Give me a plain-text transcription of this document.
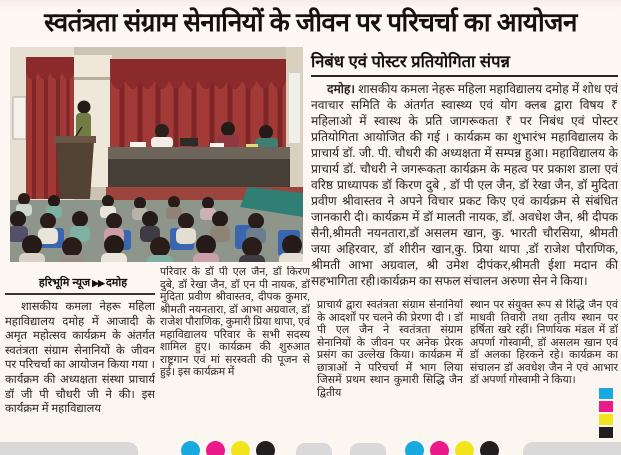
स्वतंत्रता संग्राम सेनानियों के जीवन पर परिचर्चा का आयोजन
हरिभूमि न्यूज ▶▶ दमोह
निबंध एवं पोस्टर प्रतियोगिता संपन्न
दमोह। शासकीय कमला नेहरू महिला महाविद्यालय दमोह में शोध एवं नवाचार समिति के अंतर्गत स्वास्थ्य एवं योग क्लब द्वारा विषय ₹ महिलाओ में स्वास्थ के प्रति जागरूकता ₹ पर निबंध एवं पोस्टर प्रतियोगिता आयोजित की गई । कार्यक्रम का शुभारंभ महाविद्यालय के प्राचार्य डॉ. जी. पी. चौधरी की अध्यक्षता में सम्पन्न हुआ। महाविद्यालय के प्राचार्य डॉ. चौधरी ने जगरूकता कार्यक्रम के महत्व पर प्रकाश डाला एवं वरिष्ठ प्राध्यापक डॉ किरण दुबे , डॉ पी एल जैन, डॉ रेखा जैन, डॉ मुदिता प्रवीण श्रीवास्तव ने अपने विचार प्रकट किए एवं कार्यक्रम से संबंधित जानकारी दी। कार्यक्रम में डॉ मालती नायक, डॉ. अवधेश जैन, श्री दीपक सैनी,श्रीमती नयनतारा,डॉ असलम खान, कु. भारती चौरसिया, श्रीमती जया अहिरवार, डॉ शीरीन खान,कु. प्रिया थापा ,डॉ राजेश पौराणिक, श्रीमती आभा अग्रवाल, श्री उमेश दीपंकर,श्रीमती ईशा मदान की सहभागिता रही।कार्यक्रम का सफल संचालन अरुणा सेन ने किया।

शासकीय कमला नेहरू महिला महाविद्यालय दमोह में आजादी के अमृत महोत्सव कार्यक्रम के अंतर्गत स्वतंत्रता संग्राम सेनानियों के जीवन पर परिचर्चा का आयोजन किया गया । कार्यक्रम की अध्यक्षता संस्था प्राचार्य डॉ जी पी चौधरी जी ने की। इस कार्यक्रम में महाविद्यालय

परिवार के डॉ पी एल जैन, डॉ किरण दुबे, डॉ रेखा जैन, डॉ एन पी नायक, डॉ मुदिता प्रवीण श्रीवास्तव, दीपक कुमार, श्रीमती नयनतारा, डॉ आभा अग्रवाल, डॉ राजेश पौराणिक, कुमारी प्रिया थापा, एवं महाविद्यालय परिवार के सभी सदस्य शामिल हुए। कार्यक्रम की शुरुआत राष्ट्रगान एवं मां सरस्वती की पूजन से हुई। इस कार्यक्रम में

प्राचार्य द्वारा स्वतंत्रता संग्राम सेनानियों के आदर्शों पर चलने की प्रेरणा दी । डॉ पी एल जैन ने स्वतंत्रता संग्राम सेनानियों के जीवन पर अनेक प्रेरक प्रसंग का उल्लेख किया। कार्यक्रम में छात्राओं ने परिचर्चा में भाग लिया जिसमें प्रथम स्थान कुमारी सिद्धि जैन द्वितीय

स्थान पर संयुक्त रूप से रिद्धि जैन एवं माधवी तिवारी तथा तृतीय स्थान पर हर्षिता खरे रहीं। निर्णायक मंडल में डॉ अपर्णा गोस्वामी, डॉ असलम खान एवं डॉ अलका हिरकने रहे। कार्यक्रम का संचालन डॉ अवधेश जैन ने एवं आभार डॉ अपर्णा गोस्वामी ने किया।
